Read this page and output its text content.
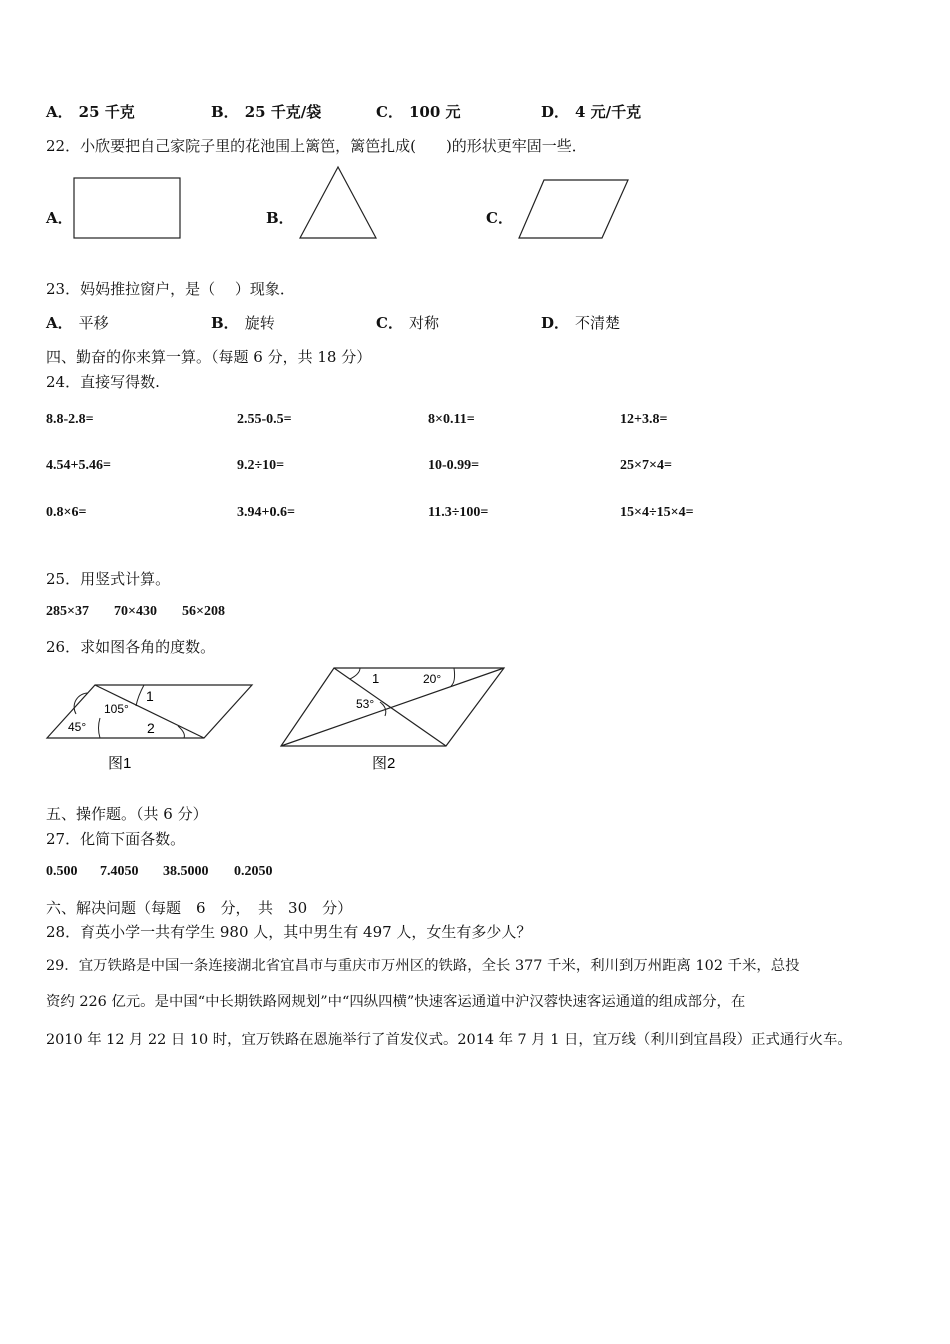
A． 25 千克	B． 25 千克/袋	C． 100 元	D． 4 元/千克
22．小欣要把自己家院子里的花池围上篱笆，篱笆扎成(　　)的形状更牢固一些．
A．	B．	C．
23．妈妈推拉窗户，是（　 ）现象．
A． 平移	B． 旋转	C． 对称	D． 不清楚
四、勤奋的你来算一算。（每题 6 分，共 18 分）
24．直接写得数.
8.8-2.8=	2.55-0.5=	8×0.11=	12+3.8=
4.54+5.46=	9.2÷10=	10-0.99=	25×7×4=
0.8×6=	3.94+0.6=	11.3÷100=	15×4÷15×4=
25．用竖式计算。
285×37 70×430 56×208
26．求如图各角的度数。
105°
45°
1
2
图1
1	20°
53°
图2
五、操作题。（共 6 分）
27．化简下面各数。
0.500 7.4050 38.5000 0.2050
六、解决问题（每题　6　分，　共　30　分）
28．育英小学一共有学生 980 人，其中男生有 497 人，女生有多少人？
29．宜万铁路是中国一条连接湖北省宜昌市与重庆市万州区的铁路，全长 377 千米，利川到万州距离 102 千米，总投
资约 226 亿元。是中国“中长期铁路网规划”中“四纵四横”快速客运通道中沪汉蓉快速客运通道的组成部分，在
2010 年 12 月 22 日 10 时，宜万铁路在恩施举行了首发仪式。2014 年 7 月 1 日，宜万线（利川到宜昌段）正式通行火车。
